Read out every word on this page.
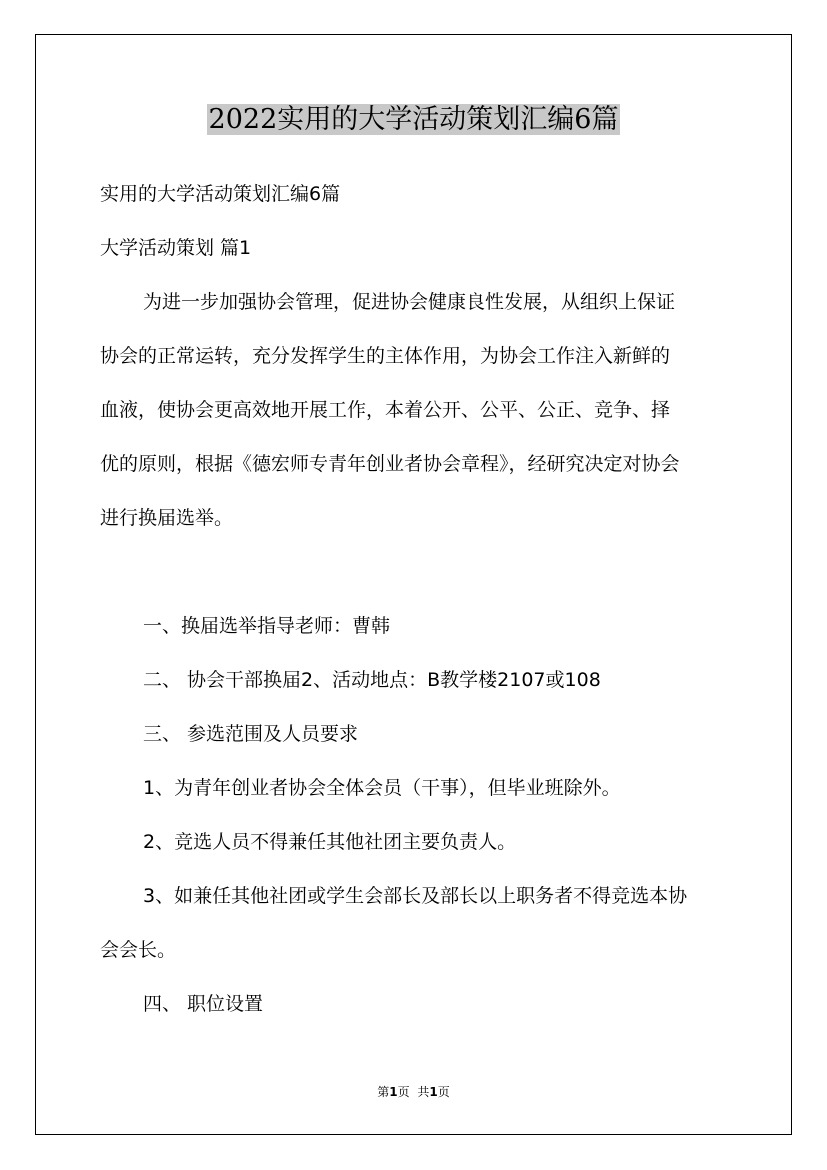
2022实用的大学活动策划汇编6篇
实用的大学活动策划汇编6篇
大学活动策划 篇1
为进一步加强协会管理，促进协会健康良性发展，从组织上保证
协会的正常运转，充分发挥学生的主体作用，为协会工作注入新鲜的
血液，使协会更高效地开展工作，本着公开、公平、公正、竞争、择
优的原则，根据《德宏师专青年创业者协会章程》，经研究决定对协会
进行换届选举。
一、换届选举指导老师：曹韩
二、 协会干部换届2、活动地点：B教学楼2107或108
三、 参选范围及人员要求
1、为青年创业者协会全体会员（干事），但毕业班除外。
2、竞选人员不得兼任其他社团主要负责人。
3、如兼任其他社团或学生会部长及部长以上职务者不得竞选本协
会会长。
四、 职位设置
第1页 共1页
